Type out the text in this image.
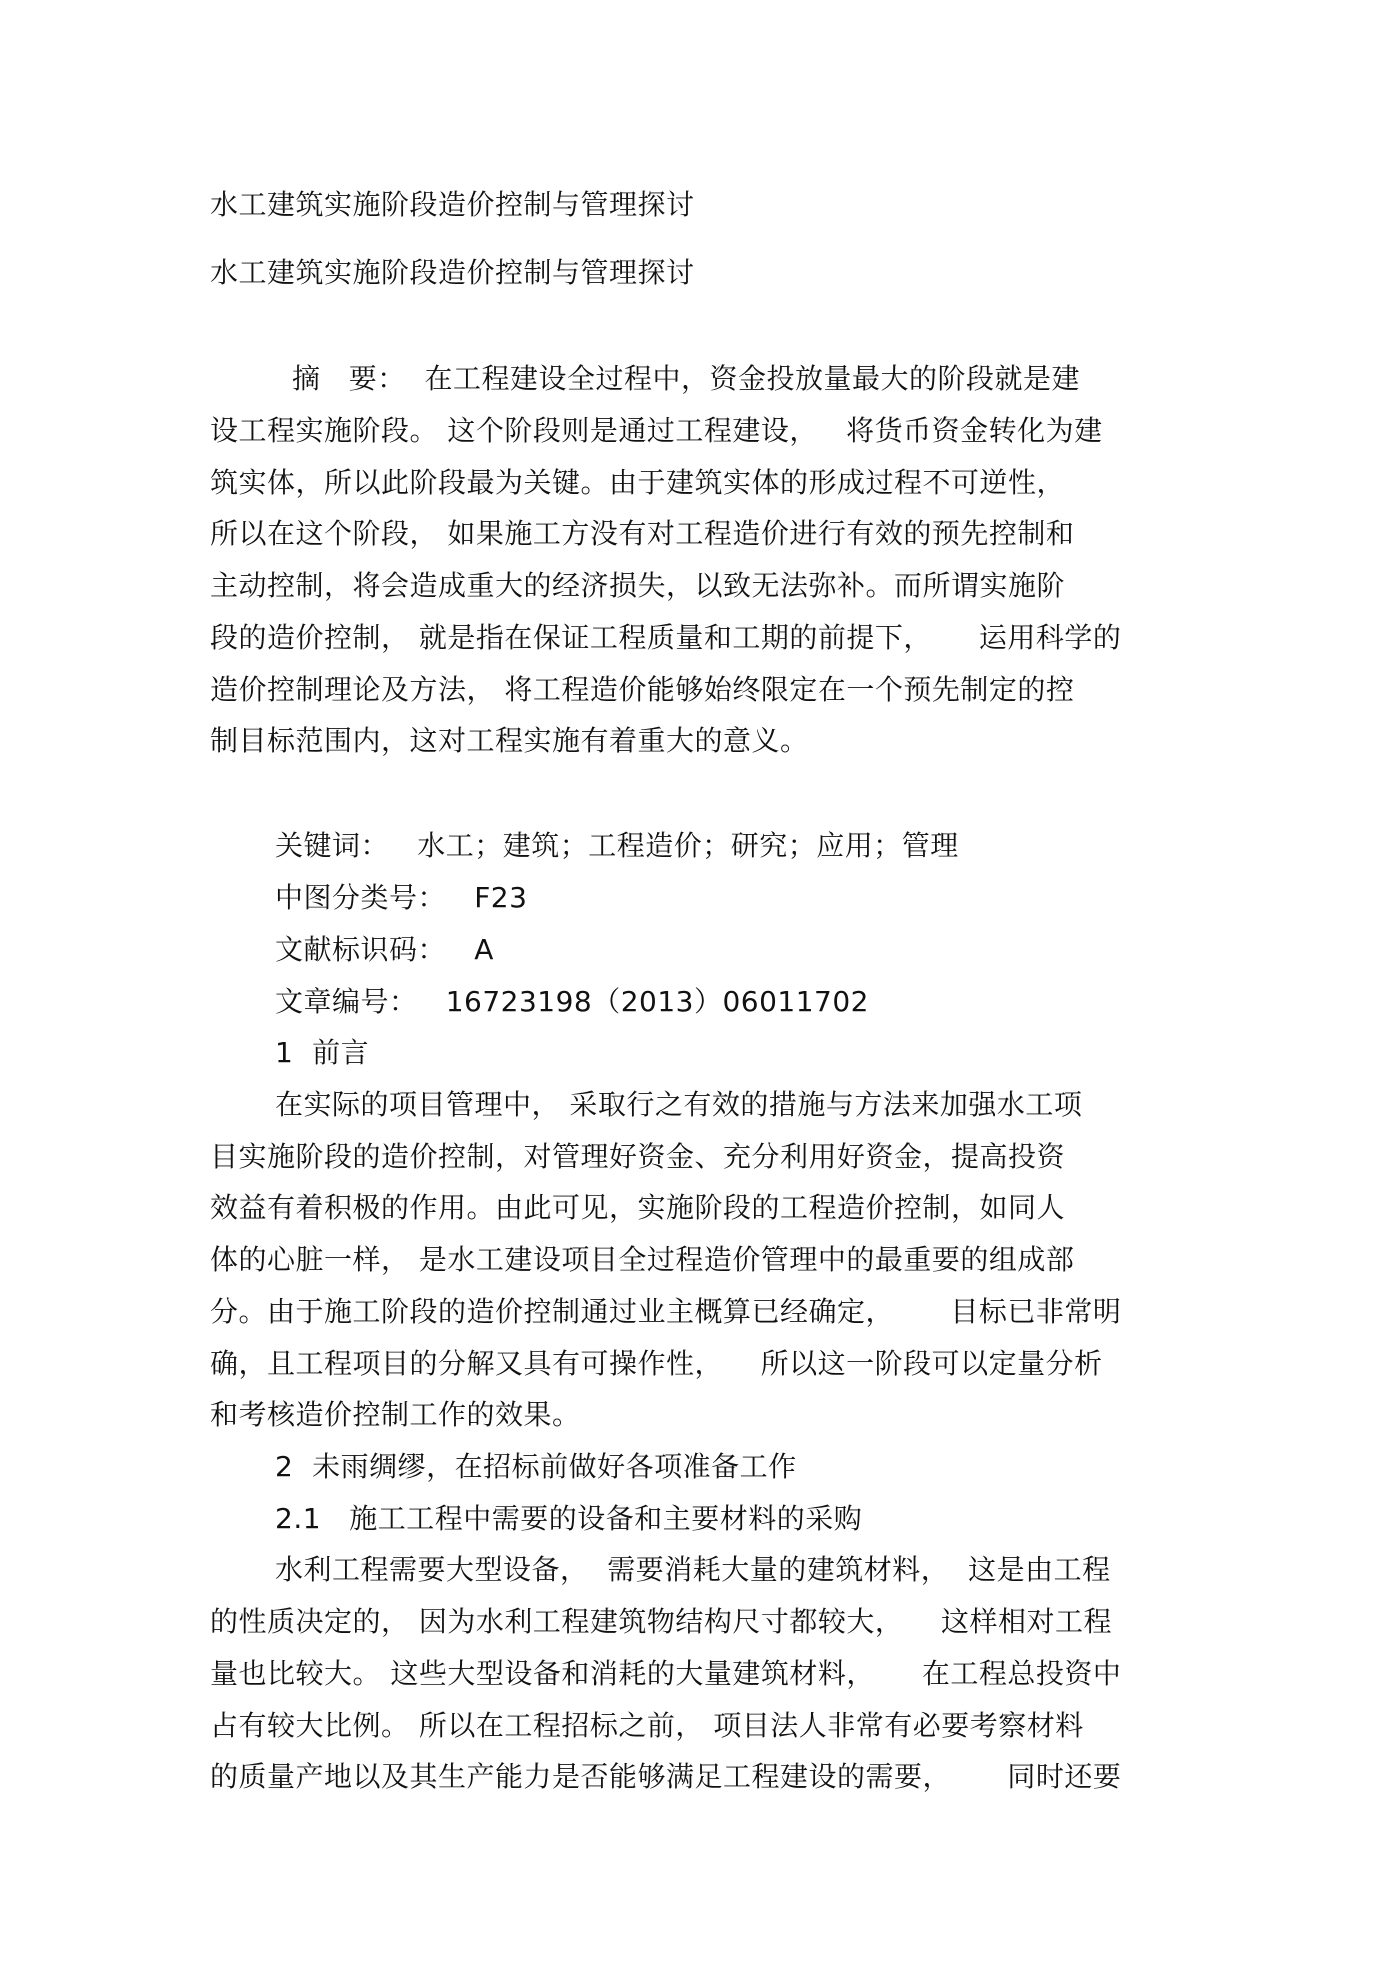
水工建筑实施阶段造价控制与管理探讨
水工建筑实施阶段造价控制与管理探讨
摘   要：  在工程建设全过程中，资金投放量最大的阶段就是建
设工程实施阶段。 这个阶段则是通过工程建设，   将货币资金转化为建
筑实体，所以此阶段最为关键。由于建筑实体的形成过程不可逆性，
所以在这个阶段， 如果施工方没有对工程造价进行有效的预先控制和
主动控制，将会造成重大的经济损失，以致无法弥补。而所谓实施阶
段的造价控制， 就是指在保证工程质量和工期的前提下，     运用科学的
造价控制理论及方法， 将工程造价能够始终限定在一个预先制定的控
制目标范围内，这对工程实施有着重大的意义。
关键词：   水工；建筑；工程造价；研究；应用；管理
中图分类号：   F23
文献标识码：   A
文章编号：   16723198（2013）06011702
1  前言
在实际的项目管理中， 采取行之有效的措施与方法来加强水工项
目实施阶段的造价控制，对管理好资金、充分利用好资金，提高投资
效益有着积极的作用。由此可见，实施阶段的工程造价控制，如同人
体的心脏一样， 是水工建设项目全过程造价管理中的最重要的组成部
分。由于施工阶段的造价控制通过业主概算已经确定，      目标已非常明
确，且工程项目的分解又具有可操作性，    所以这一阶段可以定量分析
和考核造价控制工作的效果。
2  未雨绸缪，在招标前做好各项准备工作
2.1   施工工程中需要的设备和主要材料的采购
水利工程需要大型设备，  需要消耗大量的建筑材料，  这是由工程
的性质决定的， 因为水利工程建筑物结构尺寸都较大，    这样相对工程
量也比较大。 这些大型设备和消耗的大量建筑材料，     在工程总投资中
占有较大比例。 所以在工程招标之前， 项目法人非常有必要考察材料
的质量产地以及其生产能力是否能够满足工程建设的需要，      同时还要
